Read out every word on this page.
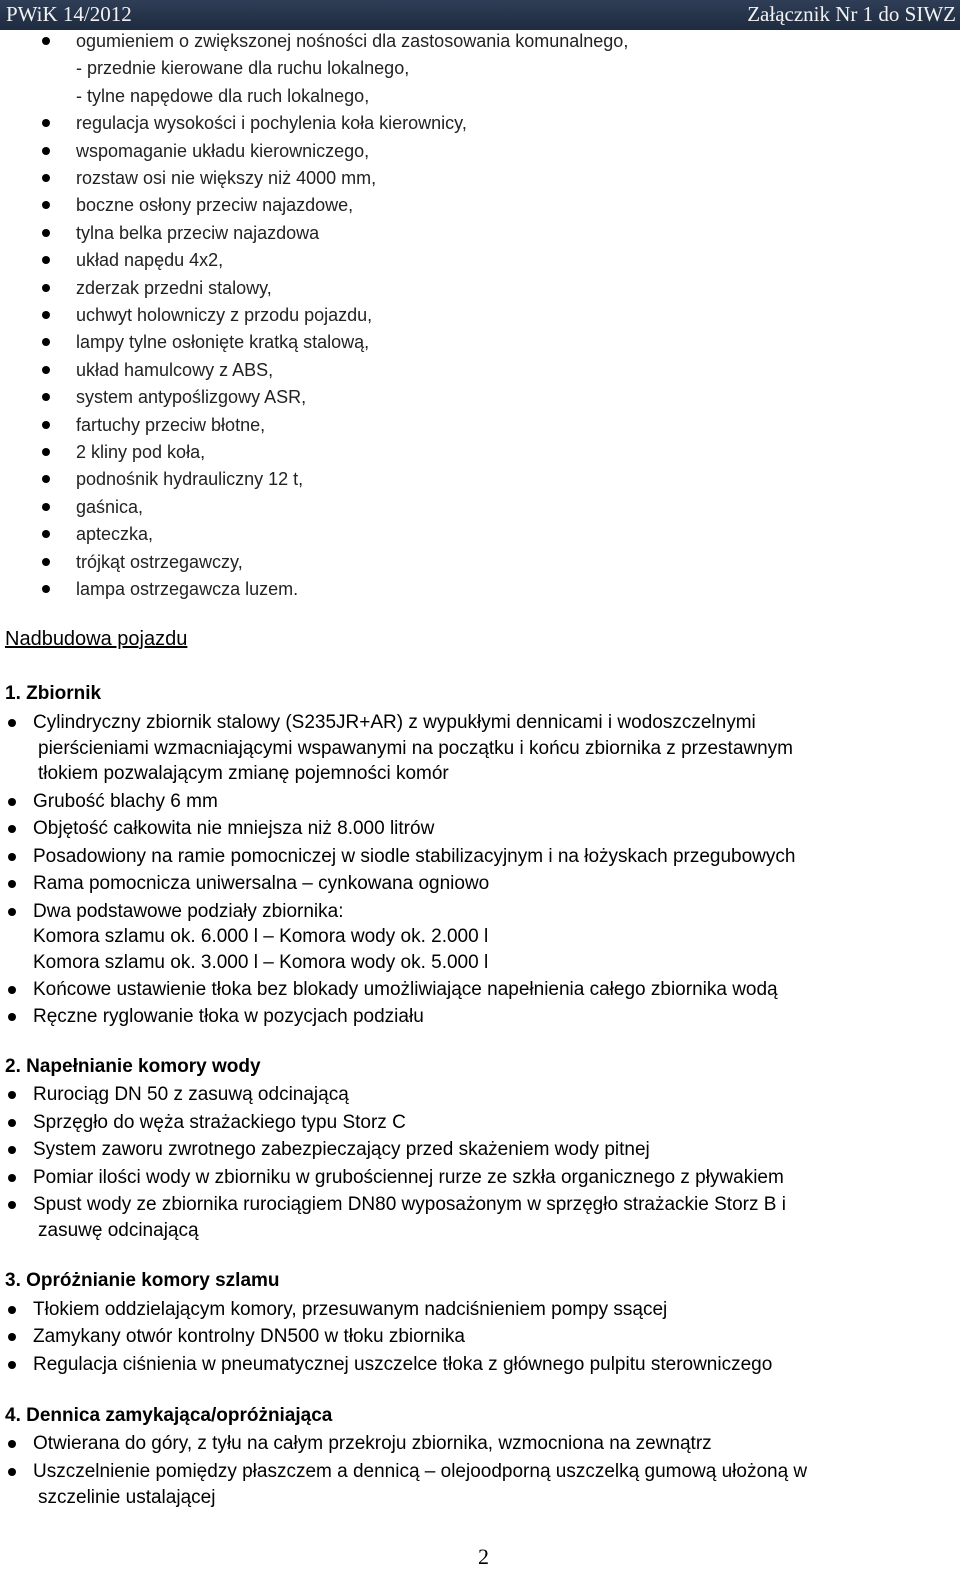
PWiK 14/2012	Załącznik Nr 1 do SIWZ
ogumieniem o zwiększonej nośności dla zastosowania komunalnego,
- przednie kierowane dla ruchu lokalnego,
- tylne napędowe dla ruch lokalnego,
regulacja wysokości i pochylenia koła kierownicy,
wspomaganie układu kierowniczego,
rozstaw osi nie większy niż 4000 mm,
boczne osłony przeciw najazdowe,
tylna belka przeciw najazdowa
układ napędu 4x2,
zderzak przedni stalowy,
uchwyt holowniczy z przodu pojazdu,
lampy tylne osłonięte kratką stalową,
układ hamulcowy z ABS,
system antypoślizgowy ASR,
fartuchy przeciw błotne,
2 kliny pod koła,
podnośnik hydrauliczny 12 t,
gaśnica,
apteczka,
trójkąt ostrzegawczy,
lampa ostrzegawcza luzem.
Nadbudowa pojazdu
1. Zbiornik
Cylindryczny zbiornik stalowy (S235JR+AR) z wypukłymi dennicami i wodoszczelnymi
pierścieniami wzmacniającymi wspawanymi na początku i końcu zbiornika z przestawnym
tłokiem pozwalającym zmianę pojemności komór
Grubość blachy 6 mm
Objętość całkowita nie mniejsza niż 8.000 litrów
Posadowiony na ramie pomocniczej w siodle stabilizacyjnym i na łożyskach przegubowych
Rama pomocnicza uniwersalna – cynkowana ogniowo
Dwa podstawowe podziały zbiornika:
Komora szlamu ok. 6.000 l – Komora wody ok. 2.000 l
Komora szlamu ok. 3.000 l – Komora wody ok. 5.000 l
Końcowe ustawienie tłoka bez blokady umożliwiające napełnienia całego zbiornika wodą
Ręczne ryglowanie tłoka w pozycjach podziału
2. Napełnianie komory wody
Rurociąg DN 50 z zasuwą odcinającą
Sprzęgło do węża strażackiego typu Storz C
System zaworu zwrotnego zabezpieczający przed skażeniem wody pitnej
Pomiar ilości wody w zbiorniku w grubościennej rurze ze szkła organicznego z pływakiem
Spust wody ze zbiornika rurociągiem DN80 wyposażonym w sprzęgło strażackie Storz B i
zasuwę odcinającą
3. Opróżnianie komory szlamu
Tłokiem oddzielającym komory, przesuwanym nadciśnieniem pompy ssącej
Zamykany otwór kontrolny DN500 w tłoku zbiornika
Regulacja ciśnienia w pneumatycznej uszczelce tłoka z głównego pulpitu sterowniczego
4. Dennica zamykająca/opróżniająca
Otwierana do góry, z tyłu na całym przekroju zbiornika, wzmocniona na zewnątrz
Uszczelnienie pomiędzy płaszczem a dennicą – olejoodporną uszczelką gumową ułożoną w
szczelinie ustalającej
2
